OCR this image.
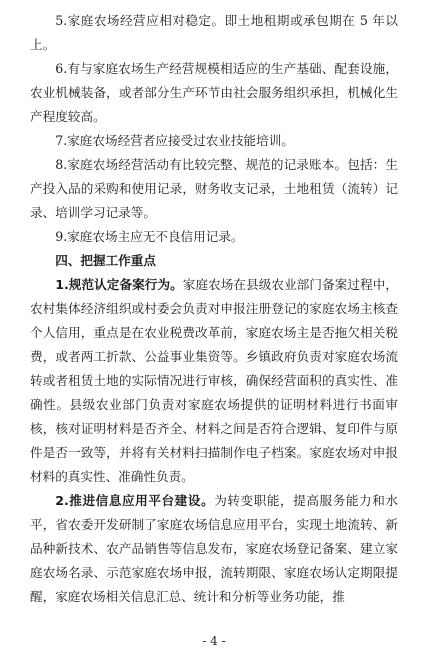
5.家庭农场经营应相对稳定。即土地租期或承包期在 5 年以上。

6.有与家庭农场生产经营规模相适应的生产基础、配套设施，农业机械装备，或者部分生产环节由社会服务组织承担，机械化生产程度较高。

7.家庭农场经营者应接受过农业技能培训。

8.家庭农场经营活动有比较完整、规范的记录账本。包括：生产投入品的采购和使用记录，财务收支记录，土地租赁（流转）记录、培训学习记录等。

9.家庭农场主应无不良信用记录。

四、把握工作重点

1.规范认定备案行为。家庭农场在县级农业部门备案过程中，农村集体经济组织或村委会负责对申报注册登记的家庭农场主核查个人信用，重点是在农业税费改革前，家庭农场主是否拖欠相关税费，或者两工折款、公益事业集资等。乡镇政府负责对家庭农场流转或者租赁土地的实际情况进行审核，确保经营面积的真实性、准确性。县级农业部门负责对家庭农场提供的证明材料进行书面审核，核对证明材料是否齐全、材料之间是否符合逻辑、复印件与原件是否一致等，并将有关材料扫描制作电子档案。家庭农场对申报材料的真实性、准确性负责。

2.推进信息应用平台建设。为转变职能，提高服务能力和水平，省农委开发研制了家庭农场信息应用平台，实现土地流转、新品种新技术、农产品销售等信息发布，家庭农场登记备案、建立家庭农场名录、示范家庭农场申报，流转期限、家庭农场认定期限提醒，家庭农场相关信息汇总、统计和分析等业务功能，推

- 4 -
